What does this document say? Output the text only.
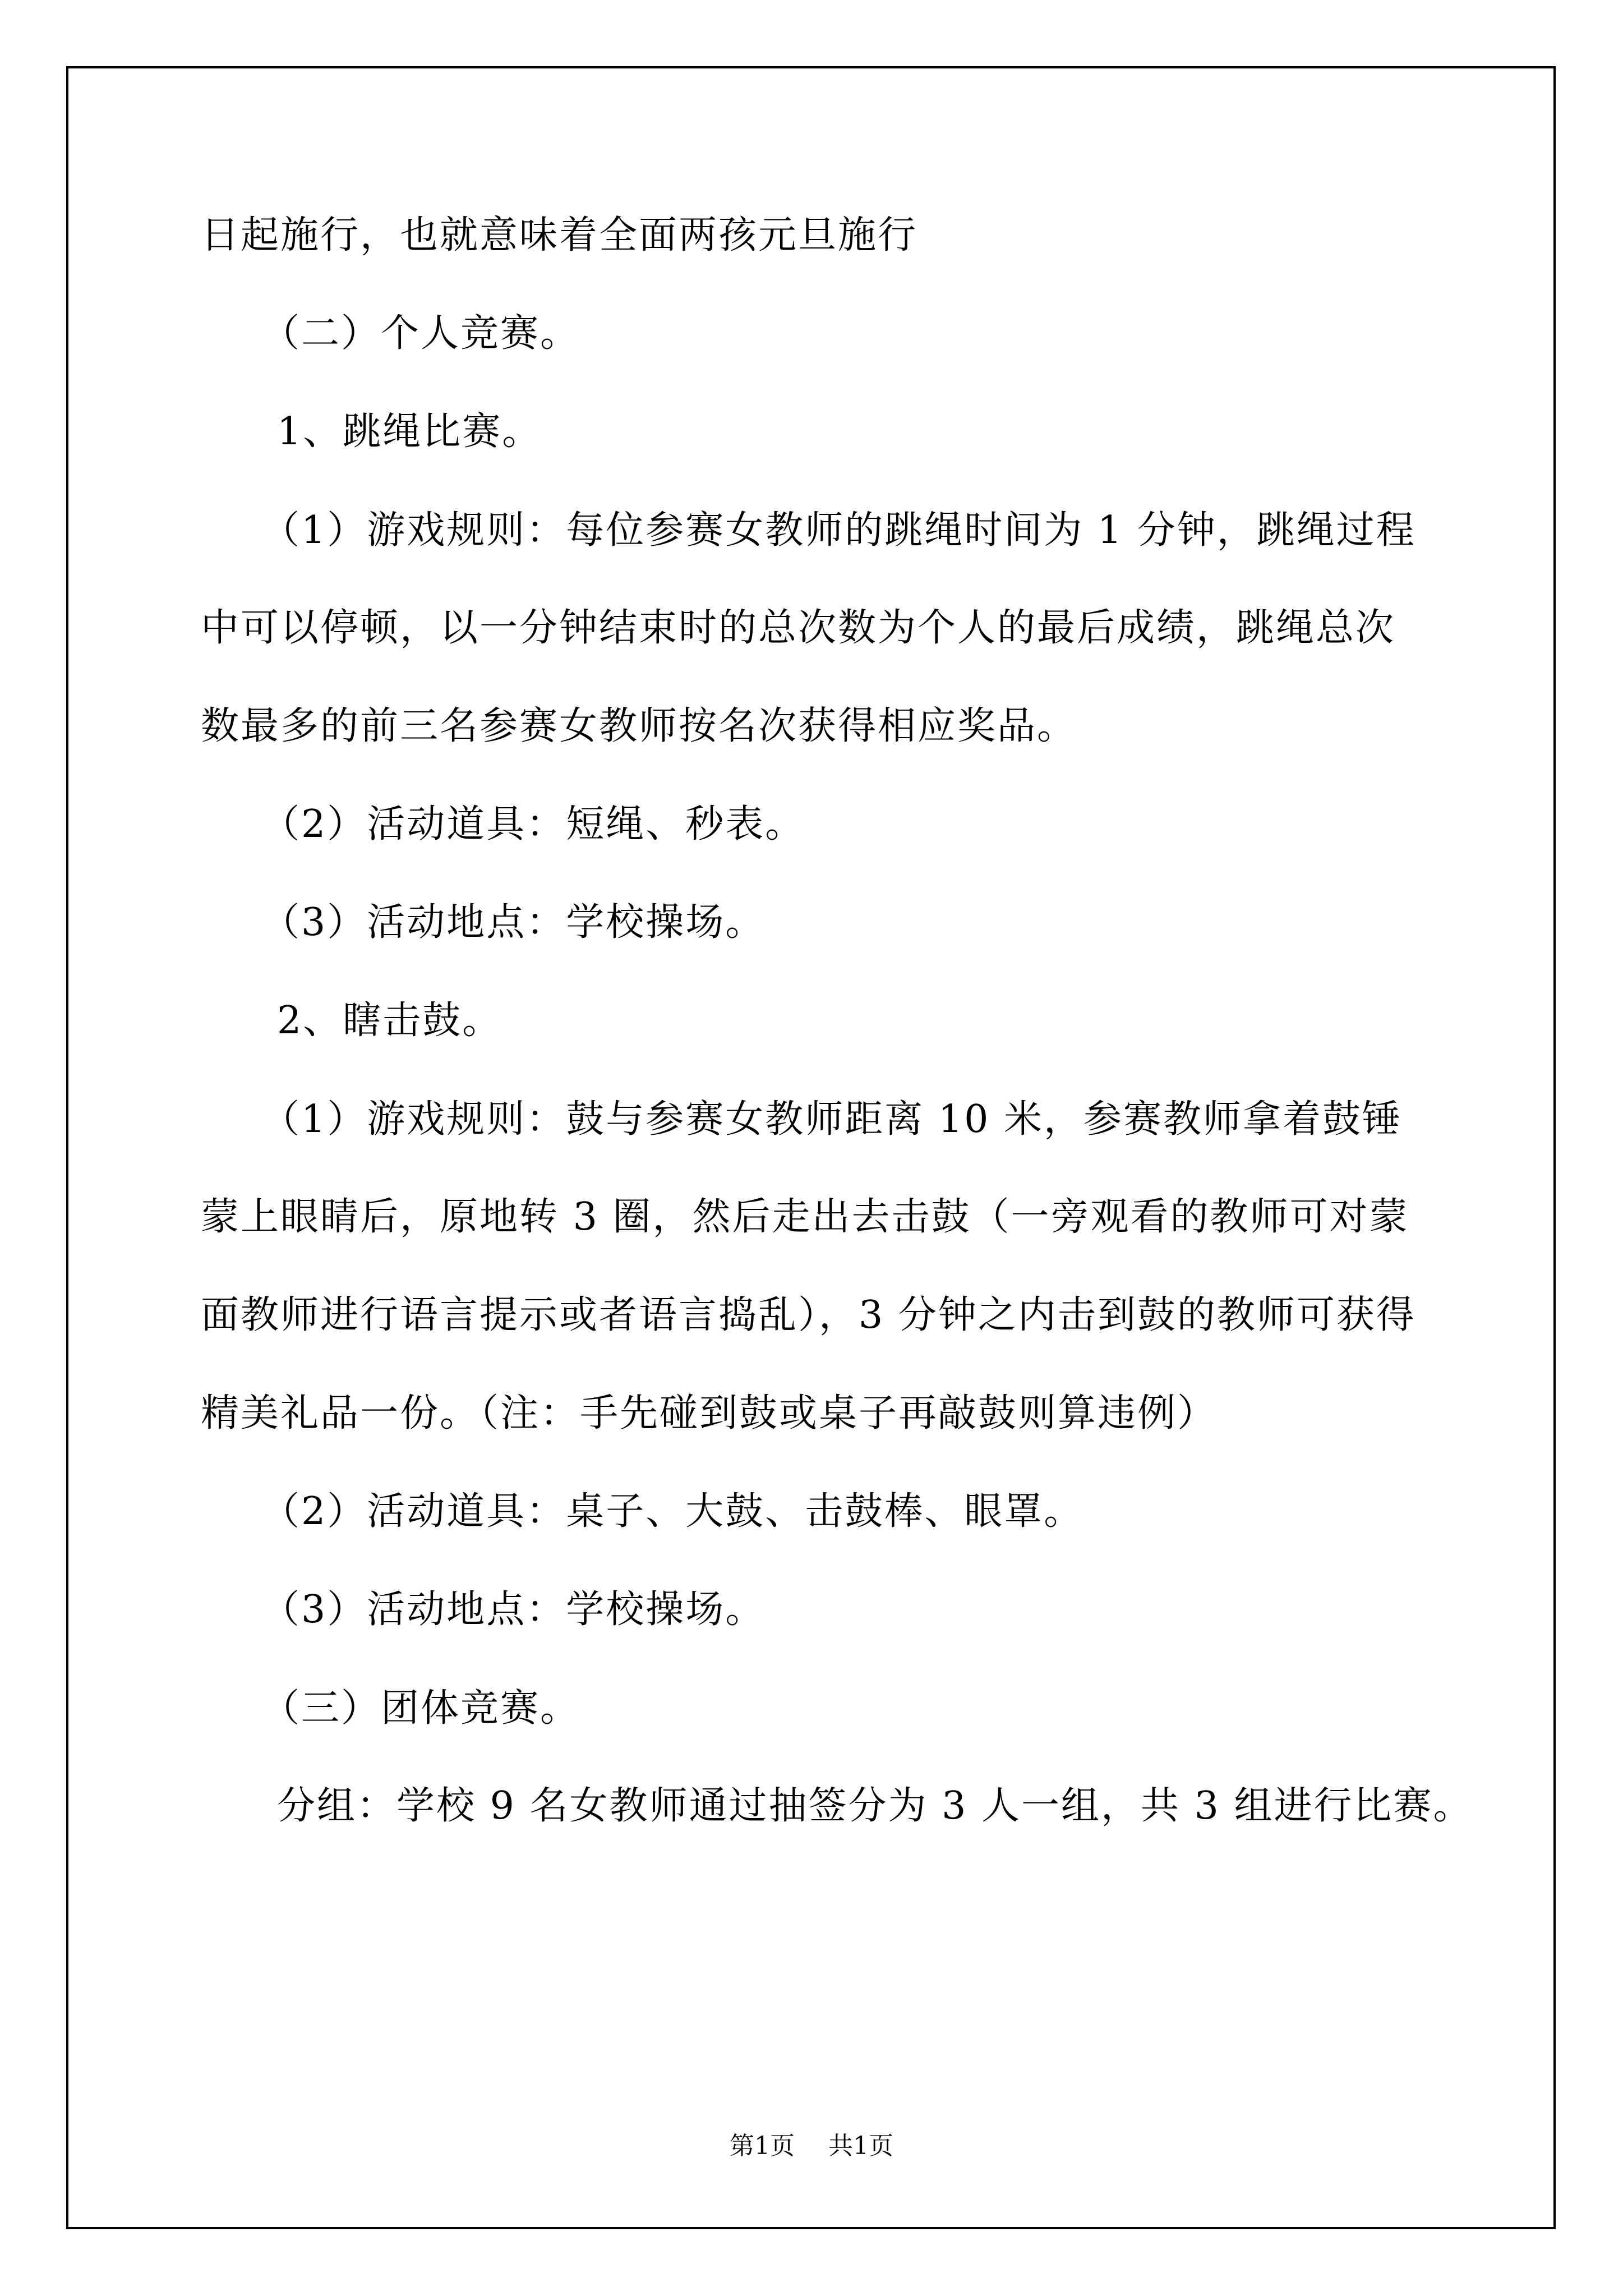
日起施行，也就意味着全面两孩元旦施行
（二）个人竞赛。
1、跳绳比赛。
（1）游戏规则：每位参赛女教师的跳绳时间为 1 分钟，跳绳过程
中可以停顿，以一分钟结束时的总次数为个人的最后成绩，跳绳总次
数最多的前三名参赛女教师按名次获得相应奖品。
（2）活动道具：短绳、秒表。
（3）活动地点：学校操场。
2、瞎击鼓。
（1）游戏规则：鼓与参赛女教师距离 10 米，参赛教师拿着鼓锤
蒙上眼睛后，原地转 3 圈，然后走出去击鼓（一旁观看的教师可对蒙
面教师进行语言提示或者语言捣乱），3 分钟之内击到鼓的教师可获得
精美礼品一份。（注：手先碰到鼓或桌子再敲鼓则算违例）
（2）活动道具：桌子、大鼓、击鼓棒、眼罩。
（3）活动地点：学校操场。
（三）团体竞赛。
分组：学校 9 名女教师通过抽签分为 3 人一组，共 3 组进行比赛。
第1页 共1页
